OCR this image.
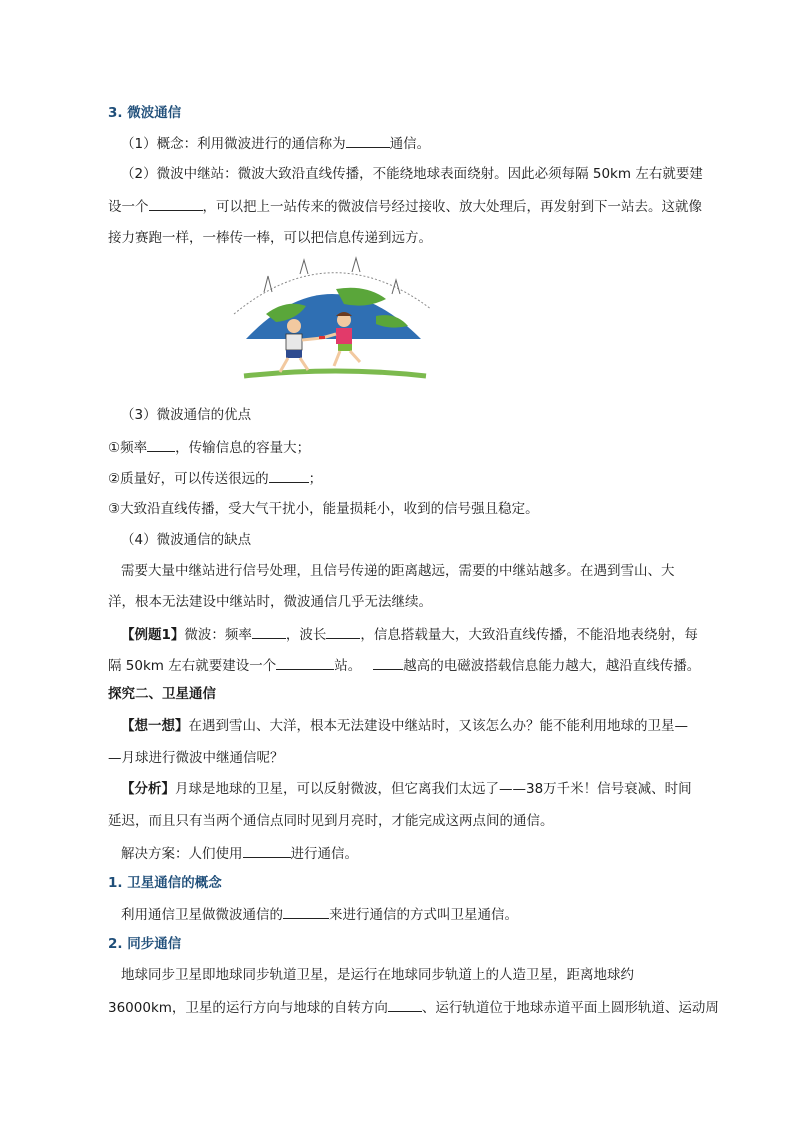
3. 微波通信
（1）概念：利用微波进行的通信称为	通信。
（2）微波中继站：微波大致沿直线传播，不能绕地球表面绕射。因此必须每隔 50km 左右就要建
设一个	，可以把上一站传来的微波信号经过接收、放大处理后，再发射到下一站去。这就像
接力赛跑一样，一棒传一棒，可以把信息传递到远方。
（3）微波通信的优点
①频率 ，传输信息的容量大；
②质量好，可以传送很远的	；
③大致沿直线传播，受大气干扰小，能量损耗小，收到的信号强且稳定。
（4）微波通信的缺点
需要大量中继站进行信号处理，且信号传递的距离越远，需要的中继站越多。在遇到雪山、大
洋，根本无法建设中继站时，微波通信几乎无法继续。
【例题1】微波：频率	，波长	，信息搭载量大，大致沿直线传播，不能沿地表绕射，每
隔 50km 左右就要建设一个	站。	越高的电磁波搭载信息能力越大，越沿直线传播。
探究二、卫星通信
【想一想】在遇到雪山、大洋，根本无法建设中继站时，又该怎么办？能不能利用地球的卫星—
—月球进行微波中继通信呢？
【分析】月球是地球的卫星，可以反射微波，但它离我们太远了——38万千米！信号衰减、时间
延迟，而且只有当两个通信点同时见到月亮时，才能完成这两点间的通信。
解决方案：人们使用	进行通信。
1. 卫星通信的概念
利用通信卫星做微波通信的	来进行通信的方式叫卫星通信。
2. 同步通信
地球同步卫星即地球同步轨道卫星，是运行在地球同步轨道上的人造卫星，距离地球约
36000km，卫星的运行方向与地球的自转方向	、运行轨道位于地球赤道平面上圆形轨道、运动周
